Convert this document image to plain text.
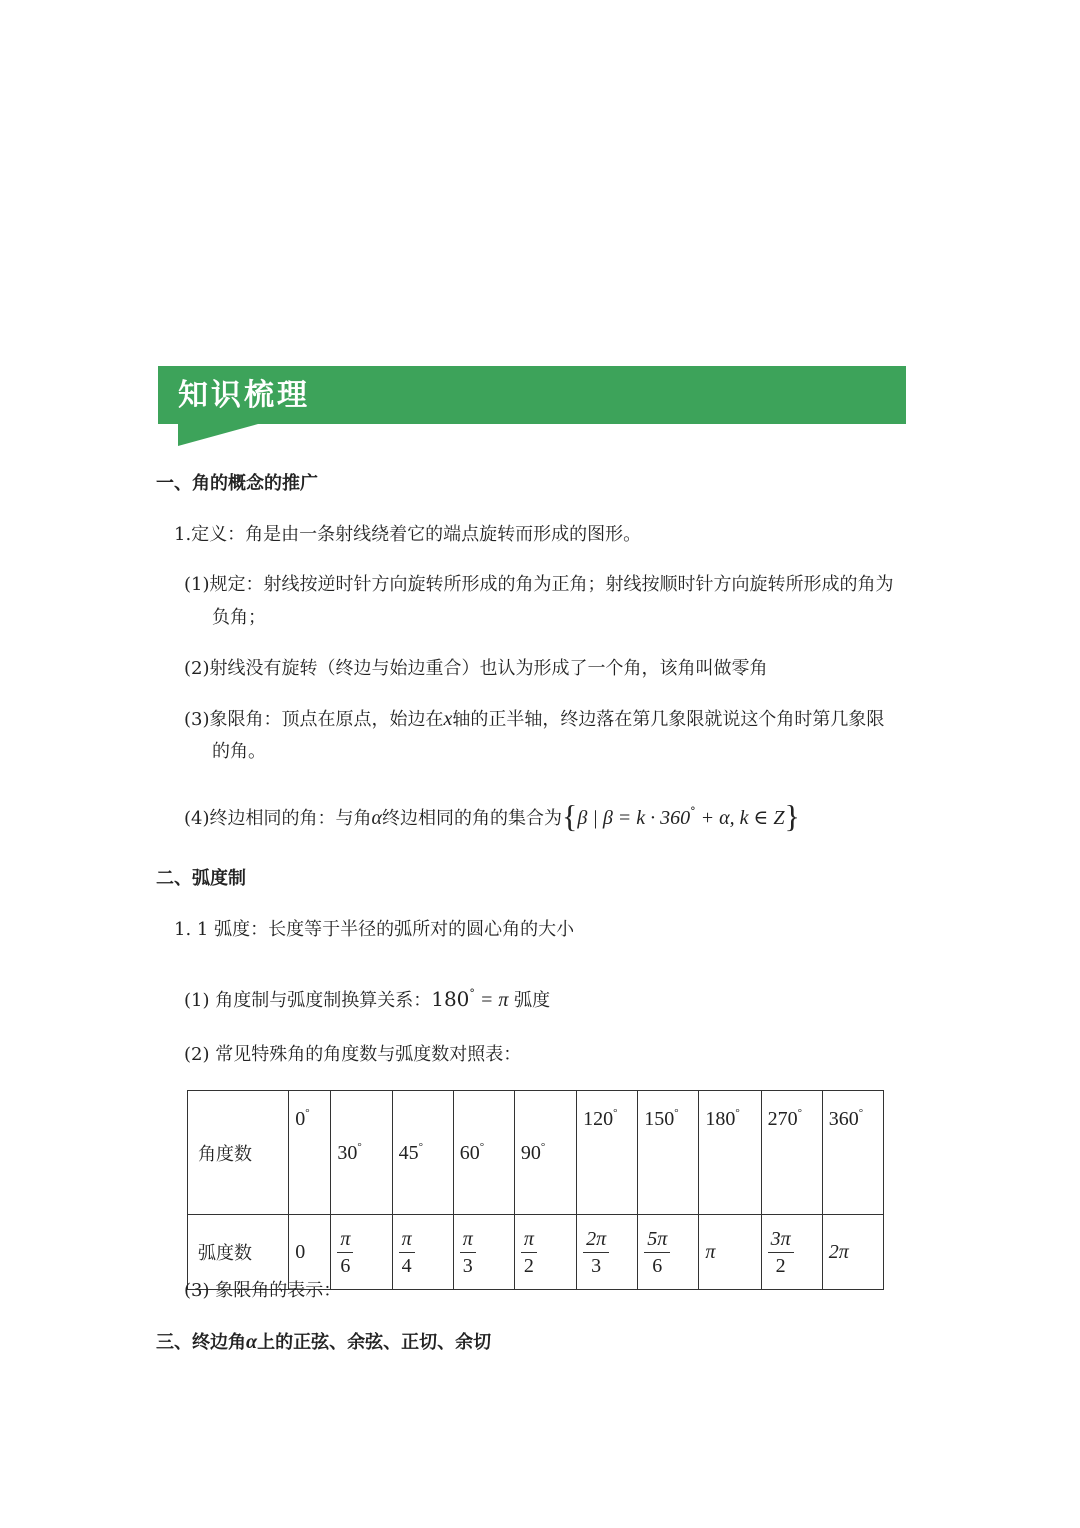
知识梳理
一、角的概念的推广
1.定义：角是由一条射线绕着它的端点旋转而形成的图形。
(1)规定：射线按逆时针方向旋转所形成的角为正角；射线按顺时针方向旋转所形成的角为
负角；
(2)射线没有旋转（终边与始边重合）也认为形成了一个角，该角叫做零角
(3)象限角：顶点在原点，始边在x轴的正半轴，终边落在第几象限就说这个角时第几象限
的角。
(4)终边相同的角：与角α终边相同的角的集合为{β | β = k · 360° + α, k ∈ Z}
二、弧度制
1. 1 弧度：长度等于半径的弧所对的圆心角的大小
(1) 角度制与弧度制换算关系：180° = π 弧度
(2) 常见特殊角的角度数与弧度数对照表：
角度数	0°	30°	45°	60°	90°	120°	150°	180°	270°	360°
弧度数	0	$\frac{\pi}{6}$	$\frac{\pi}{4}$	$\frac{\pi}{3}$	$\frac{\pi}{2}$	$\frac{2\pi}{3}$	$\frac{5\pi}{6}$	π	$\frac{3\pi}{2}$	2π
(3) 象限角的表示：
三、终边角α上的正弦、余弦、正切、余切
